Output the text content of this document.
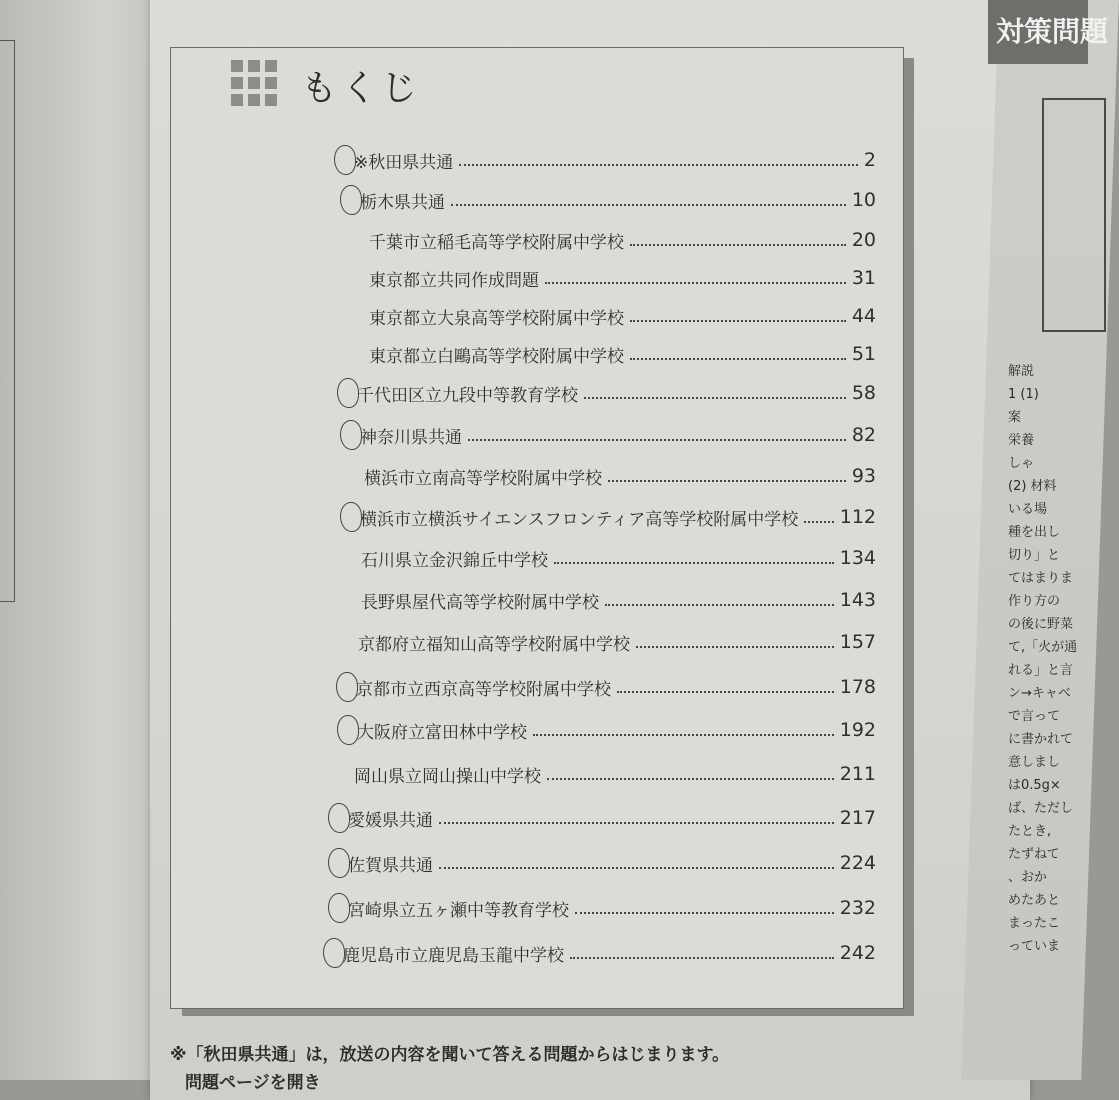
対策問題
解説
1 (1)
案
栄養
しゃ
(2) 材料
いる場
種を出し
切り」と
てはまりま
作り方の
の後に野菜
て,「火が通
れる」と言
ン→キャベ
で言って
に書かれて
意しまし
は0.5g×
ば、ただし
たとき,
たずねて
、おか
めたあと
まったこ
っていま
もくじ
※秋田県共通	2
栃木県共通	10
千葉市立稲毛高等学校附属中学校	20
東京都立共同作成問題	31
東京都立大泉高等学校附属中学校	44
東京都立白鷗高等学校附属中学校	51
千代田区立九段中等教育学校	58
神奈川県共通	82
横浜市立南高等学校附属中学校	93
横浜市立横浜サイエンスフロンティア高等学校附属中学校 112
石川県立金沢錦丘中学校	134
長野県屋代高等学校附属中学校	143
京都府立福知山高等学校附属中学校	157
京都市立西京高等学校附属中学校	178
大阪府立富田林中学校	192
岡山県立岡山操山中学校	211
愛媛県共通	217
佐賀県共通	224
宮崎県立五ヶ瀬中等教育学校	232
鹿児島市立鹿児島玉龍中学校	242
※「秋田県共通」は，放送の内容を聞いて答える問題からはじまります。
問題ページを開き
